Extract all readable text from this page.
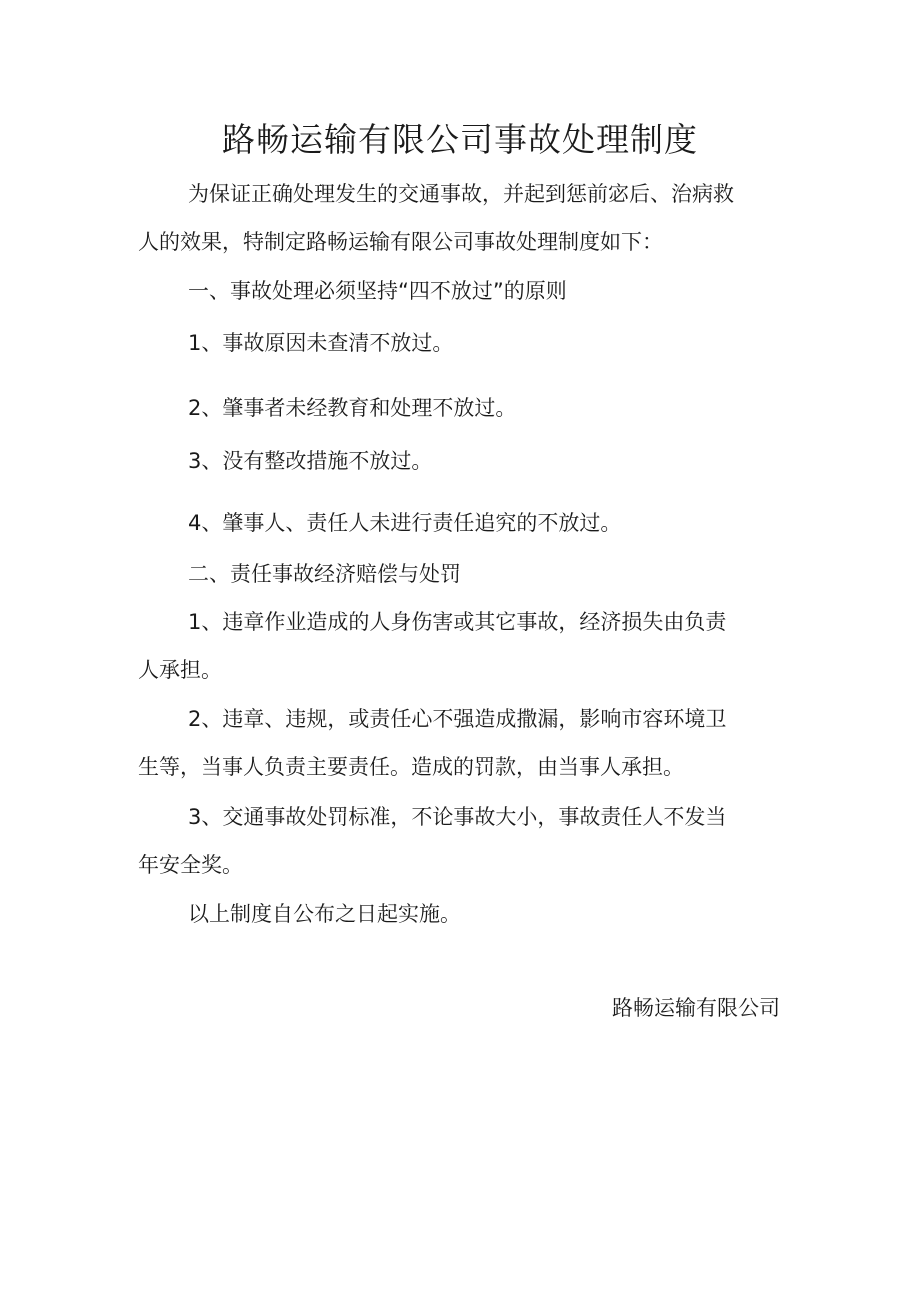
路畅运输有限公司事故处理制度

为保证正确处理发生的交通事故，并起到惩前宓后、治病救
人的效果，特制定路畅运输有限公司事故处理制度如下：

一、事故处理必须坚持“四不放过”的原则

1、事故原因未查清不放过。

2、肇事者未经教育和处理不放过。

3、没有整改措施不放过。

4、肇事人、责任人未进行责任追究的不放过。

二、责任事故经济赔偿与处罚

1、违章作业造成的人身伤害或其它事故，经济损失由负责
人承担。

2、违章、违规，或责任心不强造成撒漏，影响市容环境卫
生等，当事人负责主要责任。造成的罚款，由当事人承担。

3、交通事故处罚标准，不论事故大小，事故责任人不发当
年安全奖。

以上制度自公布之日起实施。

路畅运输有限公司
